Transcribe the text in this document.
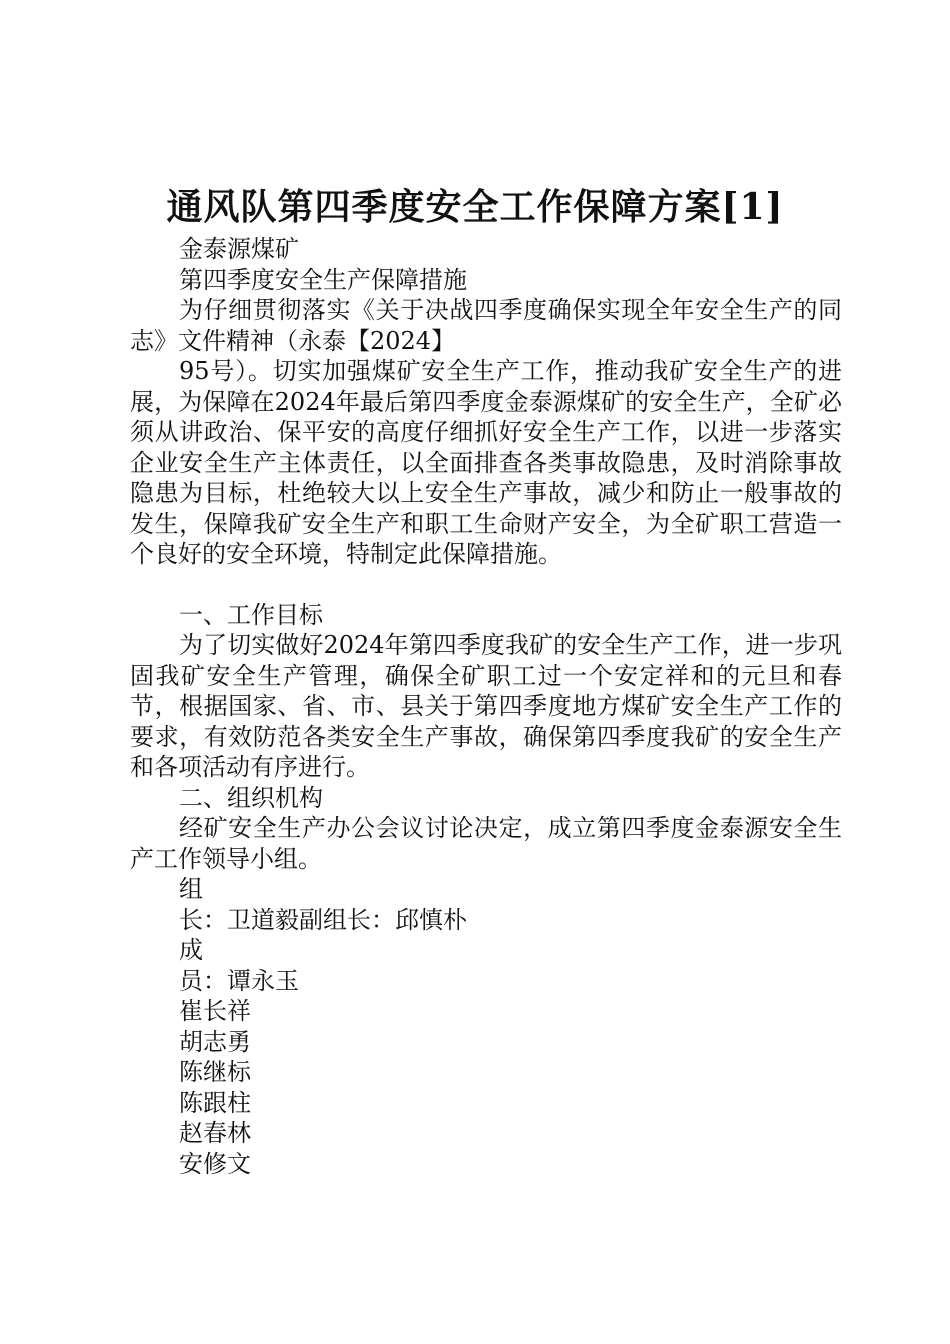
通风队第四季度安全工作保障方案[1]

金泰源煤矿

第四季度安全生产保障措施

为仔细贯彻落实《关于决战四季度确保实现全年安全生产的同志》文件精神（永泰【2024】

95号）。切实加强煤矿安全生产工作，推动我矿安全生产的进展，为保障在2024年最后第四季度金泰源煤矿的安全生产，全矿必须从讲政治、保平安的高度仔细抓好安全生产工作，以进一步落实企业安全生产主体责任，以全面排查各类事故隐患，及时消除事故隐患为目标，杜绝较大以上安全生产事故，减少和防止一般事故的发生，保障我矿安全生产和职工生命财产安全，为全矿职工营造一个良好的安全环境，特制定此保障措施。

一、工作目标

为了切实做好2024年第四季度我矿的安全生产工作，进一步巩固我矿安全生产管理，确保全矿职工过一个安定祥和的元旦和春节，根据国家、省、市、县关于第四季度地方煤矿安全生产工作的要求，有效防范各类安全生产事故，确保第四季度我矿的安全生产和各项活动有序进行。

二、组织机构

经矿安全生产办公会议讨论决定，成立第四季度金泰源安全生产工作领导小组。

组

长：卫道毅副组长：邱慎朴

成

员：谭永玉

崔长祥

胡志勇

陈继标

陈跟柱

赵春林

安修文
